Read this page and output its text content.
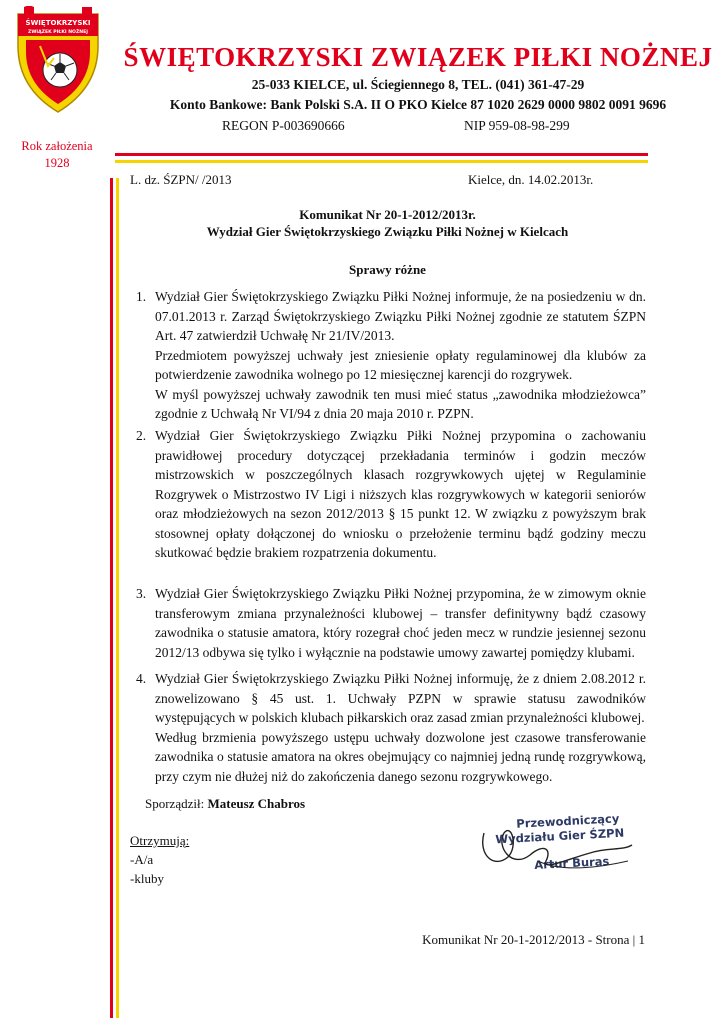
ŚWIĘTOKRZYSKI
ZWIĄZEK PIŁKI NOŻNEJ
ŚWIĘTOKRZYSKI ZWIĄZEK PIŁKI NOŻNEJ
25-033 KIELCE, ul. Ściegiennego 8, TEL. (041) 361-47-29
Konto Bankowe: Bank Polski S.A. II O PKO Kielce 87 1020 2629 0000 9802 0091 9696
REGON P-003690666	NIP 959-08-98-299
Rok założenia
1928
L. dz. ŚZPN/ /2013	Kielce, dn. 14.02.2013r.
Komunikat Nr 20-1-2012/2013r.
Wydział Gier Świętokrzyskiego Związku Piłki Nożnej w Kielcach
Sprawy różne
1. Wydział Gier Świętokrzyskiego Związku Piłki Nożnej informuje, że na posiedzeniu w dn. 07.01.2013 r. Zarząd Świętokrzyskiego Związku Piłki Nożnej zgodnie ze statutem ŚZPN Art. 47 zatwierdził Uchwałę Nr 21/IV/2013.

Przedmiotem powyższej uchwały jest zniesienie opłaty regulaminowej dla klubów za potwierdzenie zawodnika wolnego po 12 miesięcznej karencji do rozgrywek.

W myśl powyższej uchwały zawodnik ten musi mieć status „zawodnika młodzieżowca” zgodnie z Uchwałą Nr VI/94 z dnia 20 maja 2010 r. PZPN.

2. Wydział Gier Świętokrzyskiego Związku Piłki Nożnej przypomina o zachowaniu prawidłowej procedury dotyczącej przekładania terminów i godzin meczów mistrzowskich w poszczególnych klasach rozgrywkowych ujętej w Regulaminie Rozgrywek o Mistrzostwo IV Ligi i niższych klas rozgrywkowych w kategorii seniorów oraz młodzieżowych na sezon 2012/2013 § 15 punkt 12. W związku z powyższym brak stosownej opłaty dołączonej do wniosku o przełożenie terminu bądź godziny meczu skutkować będzie brakiem rozpatrzenia dokumentu.

3. Wydział Gier Świętokrzyskiego Związku Piłki Nożnej przypomina, że w zimowym oknie transferowym zmiana przynależności klubowej – transfer definitywny bądź czasowy zawodnika o statusie amatora, który rozegrał choć jeden mecz w rundzie jesiennej sezonu 2012/13 odbywa się tylko i wyłącznie na podstawie umowy zawartej pomiędzy klubami.

4. Wydział Gier Świętokrzyskiego Związku Piłki Nożnej informuję, że z dniem 2.08.2012 r. znowelizowano § 45 ust. 1. Uchwały PZPN w sprawie statusu zawodników występujących w polskich klubach piłkarskich oraz zasad zmian przynależności klubowej.

Według brzmienia powyższego ustępu uchwały dozwolone jest czasowe transferowanie zawodnika o statusie amatora na okres obejmujący co najmniej jedną rundę rozgrywkową, przy czym nie dłużej niż do zakończenia danego sezonu rozgrywkowego.

Sporządził: Mateusz Chabros
Otrzymują:
-A/a
-kluby
Przewodniczący
Wydziału Gier ŚZPN
Artur Buras
Komunikat Nr 20-1-2012/2013 - Strona | 1
